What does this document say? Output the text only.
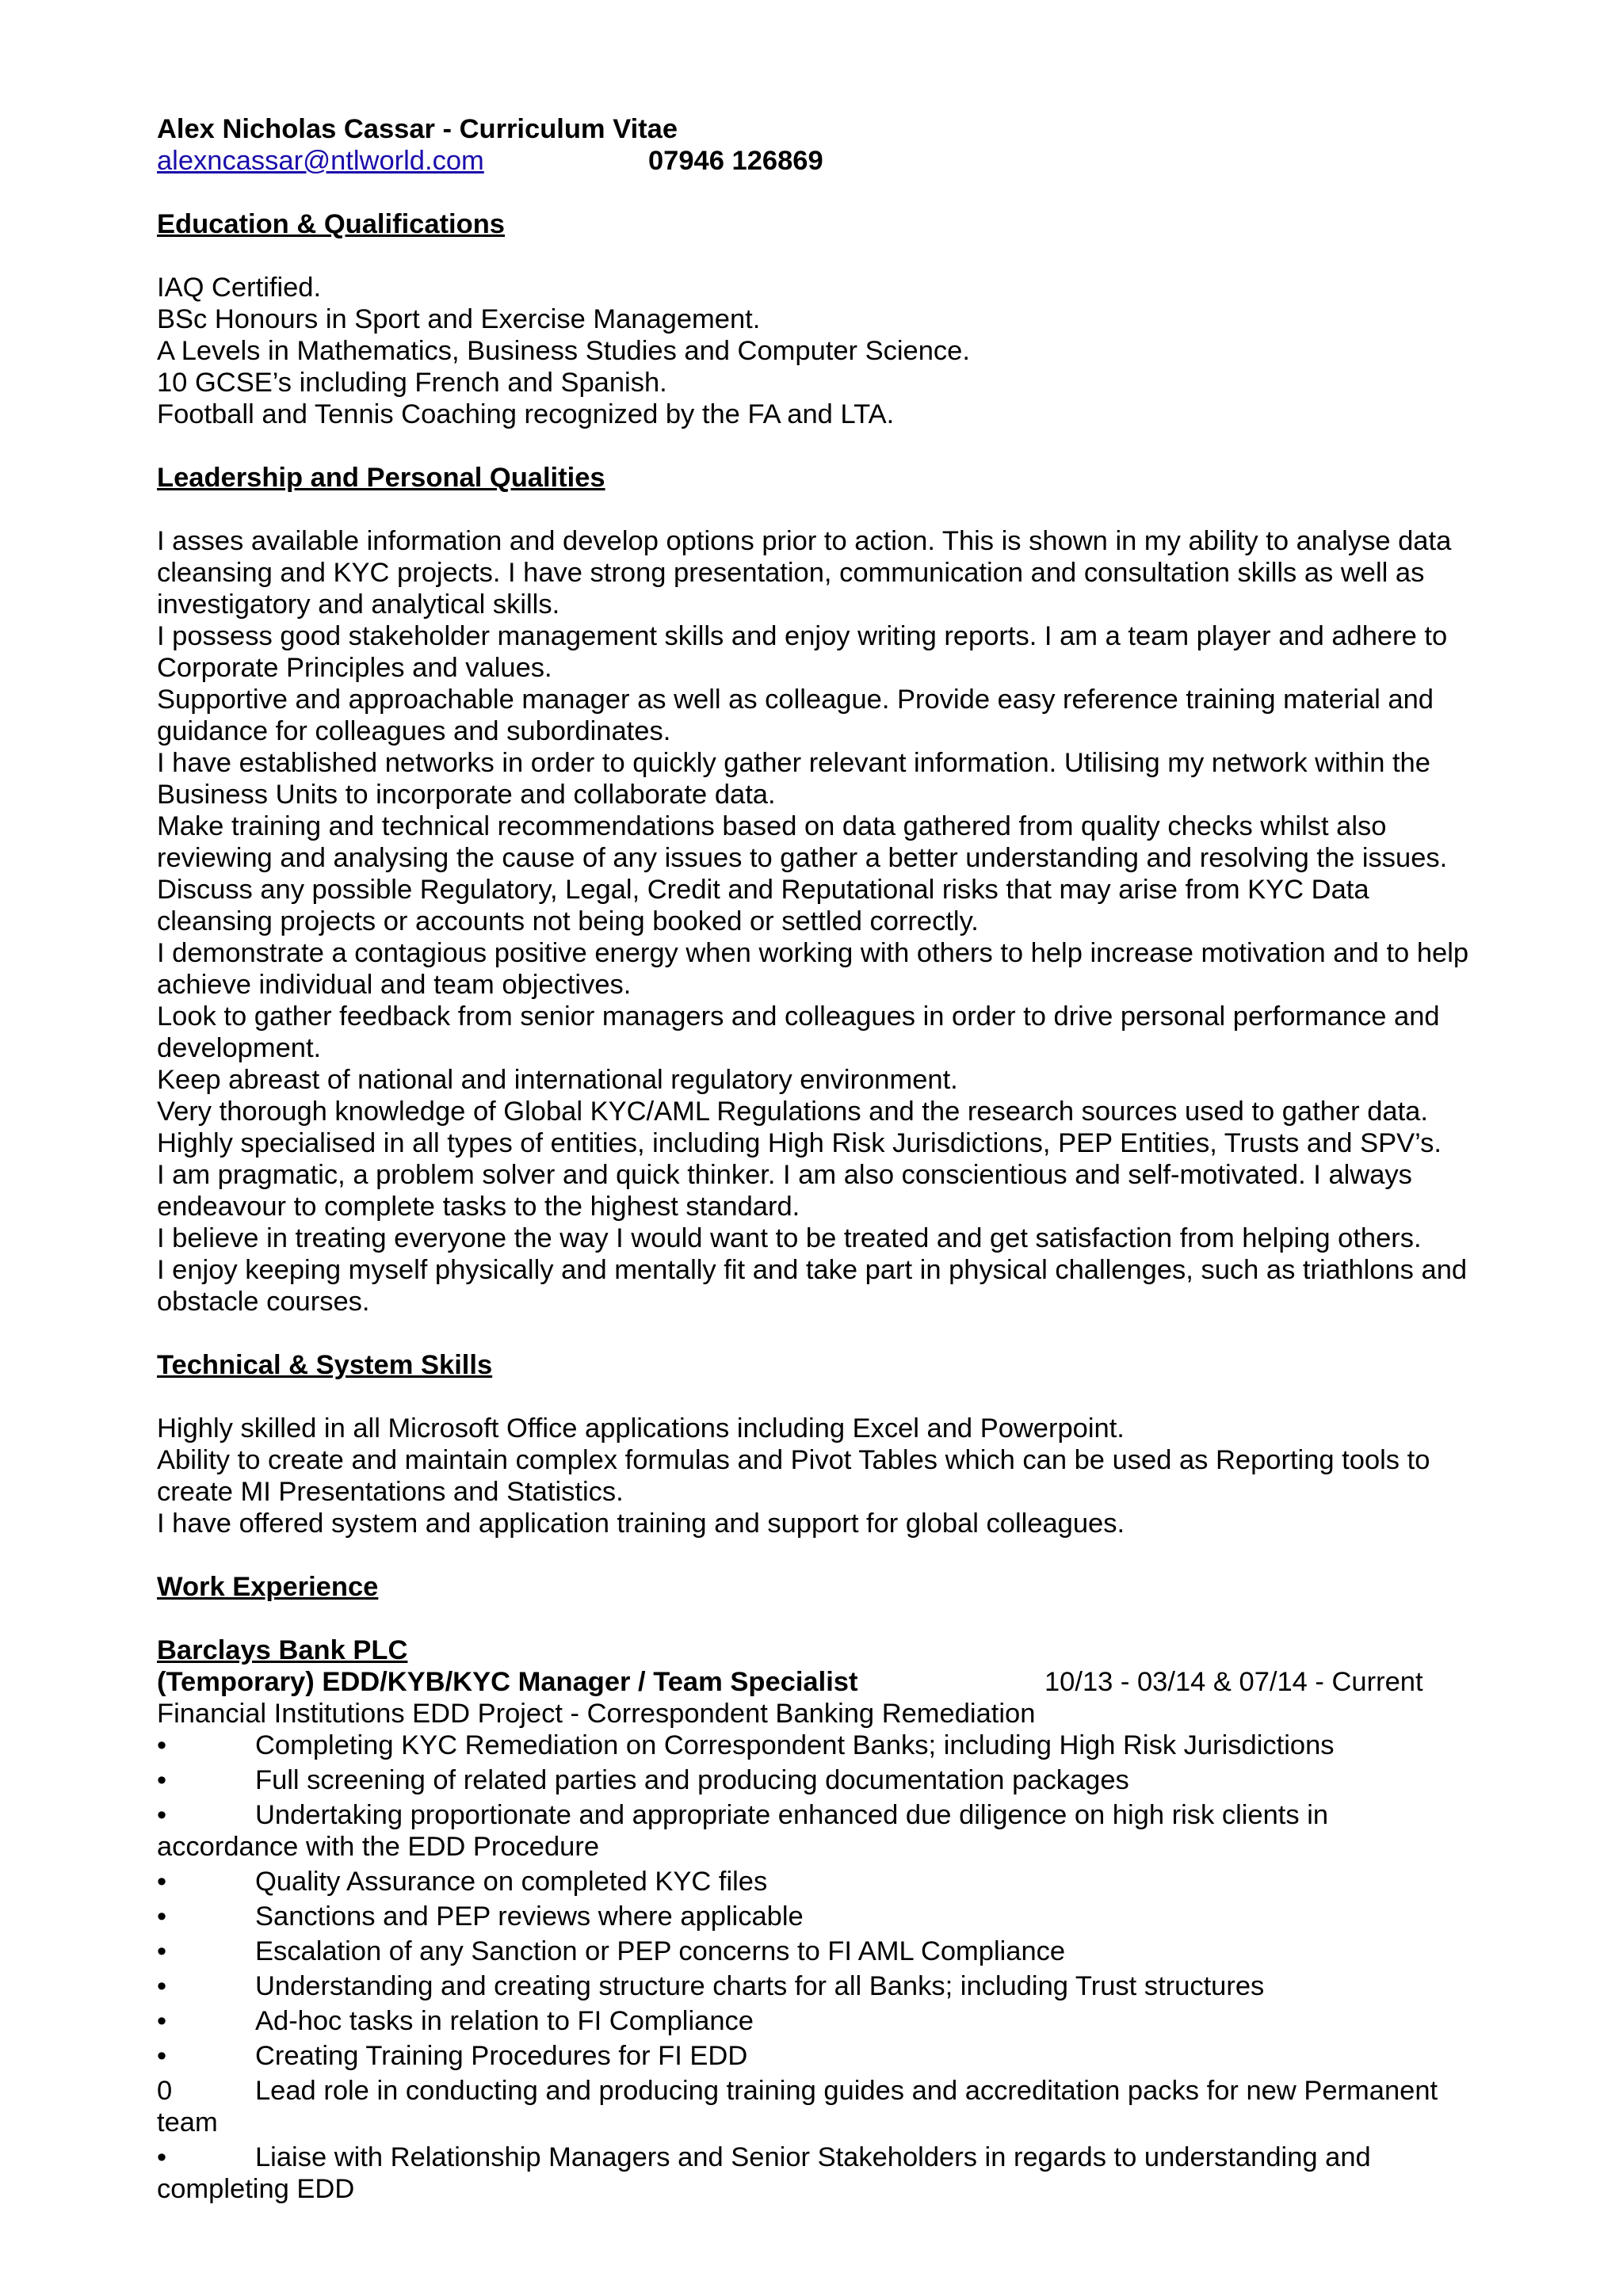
Alex Nicholas Cassar - Curriculum Vitae
alexncassar@ntlworld.com	07946 126869
Education & Qualifications
IAQ Certified.
BSc Honours in Sport and Exercise Management.
A Levels in Mathematics, Business Studies and Computer Science.
10 GCSE’s including French and Spanish.
Football and Tennis Coaching recognized by the FA and LTA.
Leadership and Personal Qualities
I asses available information and develop options prior to action. This is shown in my ability to analyse data
cleansing and KYC projects. I have strong presentation, communication and consultation skills as well as
investigatory and analytical skills.
I possess good stakeholder management skills and enjoy writing reports. I am a team player and adhere to
Corporate Principles and values.
Supportive and approachable manager as well as colleague. Provide easy reference training material and
guidance for colleagues and subordinates.
I have established networks in order to quickly gather relevant information. Utilising my network within the
Business Units to incorporate and collaborate data.
Make training and technical recommendations based on data gathered from quality checks whilst also
reviewing and analysing the cause of any issues to gather a better understanding and resolving the issues.
Discuss any possible Regulatory, Legal, Credit and Reputational risks that may arise from KYC Data
cleansing projects or accounts not being booked or settled correctly.
I demonstrate a contagious positive energy when working with others to help increase motivation and to help
achieve individual and team objectives.
Look to gather feedback from senior managers and colleagues in order to drive personal performance and
development.
Keep abreast of national and international regulatory environment.
Very thorough knowledge of Global KYC/AML Regulations and the research sources used to gather data.
Highly specialised in all types of entities, including High Risk Jurisdictions, PEP Entities, Trusts and SPV’s.
I am pragmatic, a problem solver and quick thinker. I am also conscientious and self-motivated. I always
endeavour to complete tasks to the highest standard.
I believe in treating everyone the way I would want to be treated and get satisfaction from helping others.
I enjoy keeping myself physically and mentally fit and take part in physical challenges, such as triathlons and
obstacle courses.
Technical & System Skills
Highly skilled in all Microsoft Office applications including Excel and Powerpoint.
Ability to create and maintain complex formulas and Pivot Tables which can be used as Reporting tools to
create MI Presentations and Statistics.
I have offered system and application training and support for global colleagues.
Work Experience
Barclays Bank PLC
(Temporary) EDD/KYB/KYC Manager / Team Specialist	10/13 - 03/14 & 07/14 - Current
Financial Institutions EDD Project - Correspondent Banking Remediation
•	Completing KYC Remediation on Correspondent Banks; including High Risk Jurisdictions
•	Full screening of related parties and producing documentation packages
•	Undertaking proportionate and appropriate enhanced due diligence on high risk clients in
accordance with the EDD Procedure
•	Quality Assurance on completed KYC files
•	Sanctions and PEP reviews where applicable
•	Escalation of any Sanction or PEP concerns to FI AML Compliance
•	Understanding and creating structure charts for all Banks; including Trust structures
•	Ad-hoc tasks in relation to FI Compliance
•	Creating Training Procedures for FI EDD
0	Lead role in conducting and producing training guides and accreditation packs for new Permanent
team
•	Liaise with Relationship Managers and Senior Stakeholders in regards to understanding and
completing EDD
